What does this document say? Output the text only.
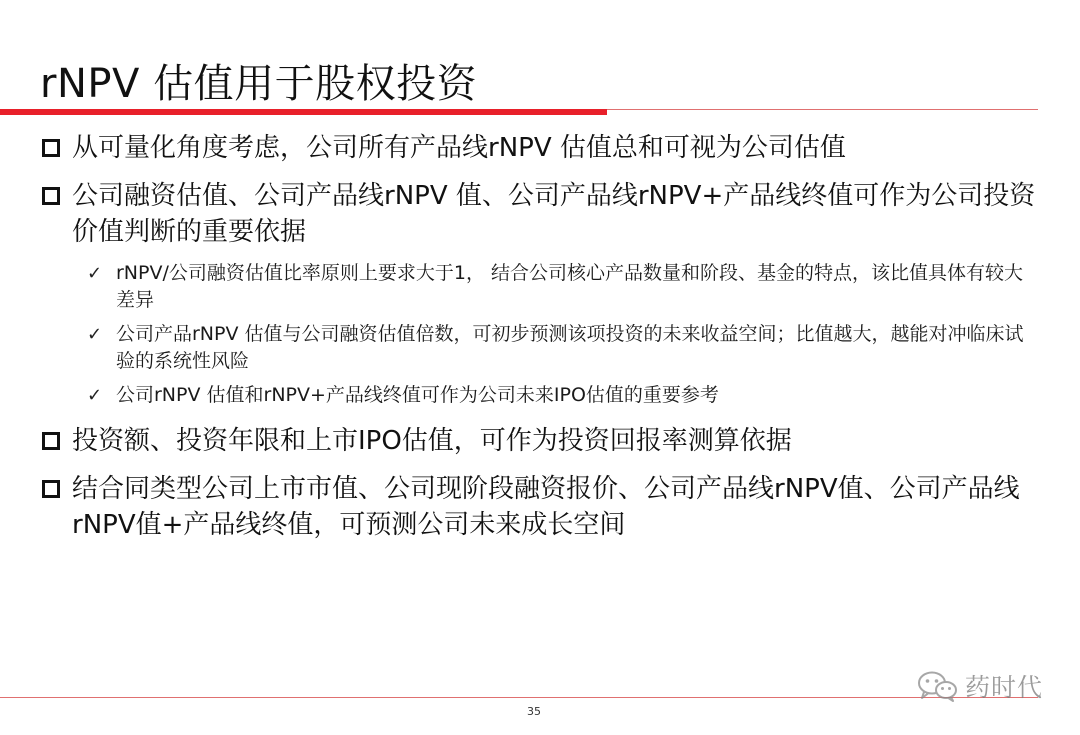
rNPV 估值用于股权投资
从可量化角度考虑，公司所有产品线rNPV 估值总和可视为公司估值
公司融资估值、公司产品线rNPV 值、公司产品线rNPV+产品线终值可作为公司投资价值判断的重要依据
✓ rNPV/公司融资估值比率原则上要求大于1， 结合公司核心产品数量和阶段、基金的特点，该比值具体有较大差异
✓ 公司产品rNPV 估值与公司融资估值倍数，可初步预测该项投资的未来收益空间；比值越大，越能对冲临床试验的系统性风险
✓ 公司rNPV 估值和rNPV+产品线终值可作为公司未来IPO估值的重要参考
投资额、投资年限和上市IPO估值，可作为投资回报率测算依据
结合同类型公司上市市值、公司现阶段融资报价、公司产品线rNPV值、公司产品线rNPV值+产品线终值，可预测公司未来成长空间
35
药时代
